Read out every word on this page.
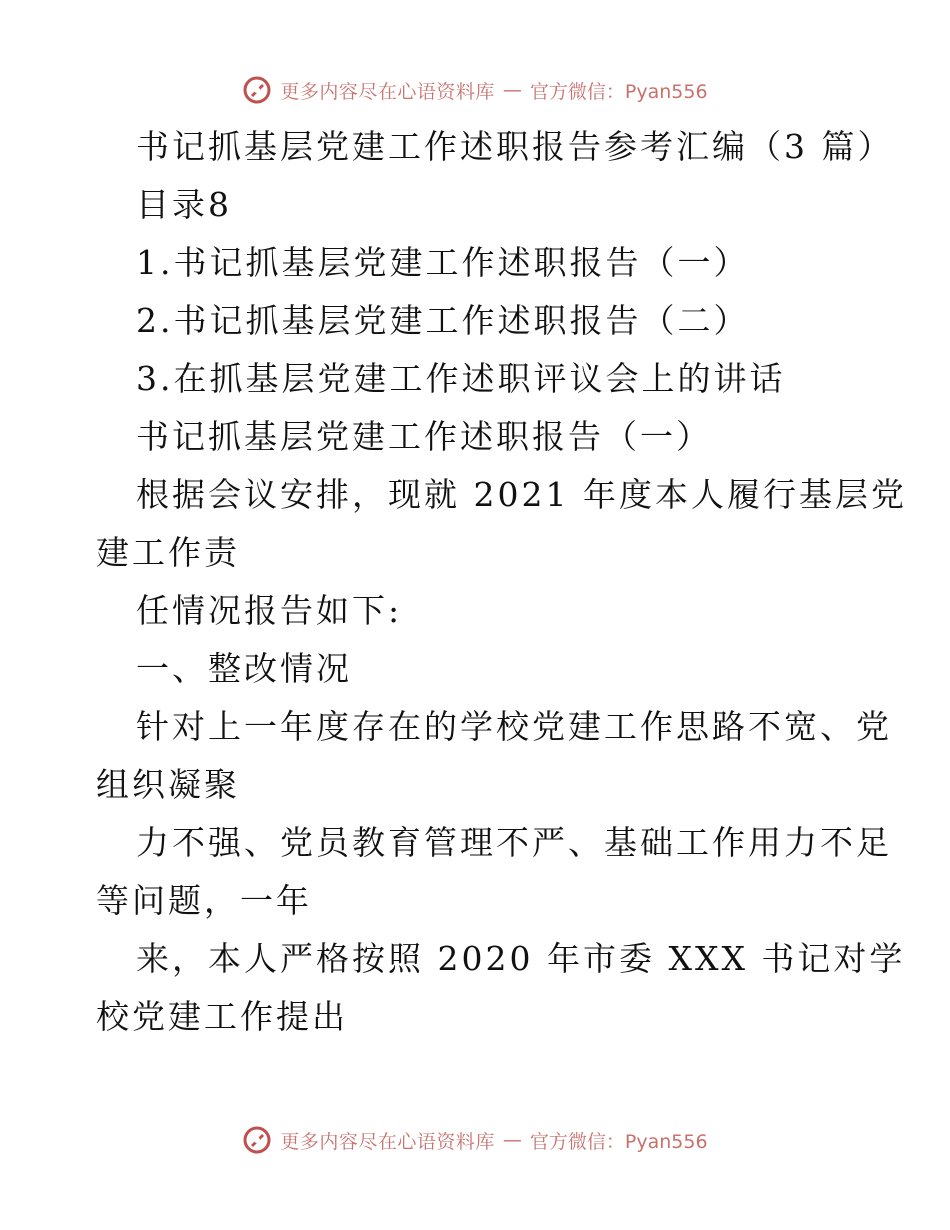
更多内容尽在心语资料库 — 官方微信：Pyan556
书记抓基层党建工作述职报告参考汇编（3 篇）
目录8
1.书记抓基层党建工作述职报告（一）
2.书记抓基层党建工作述职报告（二）
3.在抓基层党建工作述职评议会上的讲话
书记抓基层党建工作述职报告（一）
根据会议安排，现就 2021 年度本人履行基层党
建工作责
任情况报告如下:
一、整改情况
针对上一年度存在的学校党建工作思路不宽、党
组织凝聚
力不强、党员教育管理不严、基础工作用力不足
等问题，一年
来，本人严格按照 2020 年市委 XXX 书记对学
校党建工作提出
更多内容尽在心语资料库 — 官方微信：Pyan556
